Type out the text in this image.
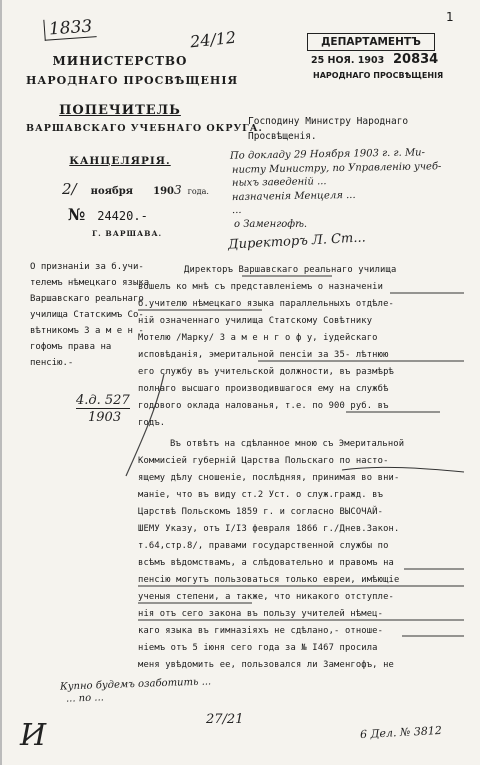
1833	24/12
МИНИСТЕРСТВО
НАРОДНАГО ПРОСВѢЩЕНІЯ
ПОПЕЧИТЕЛЬ
ВАРШАВСКАГО УЧЕБНАГО ОКРУГА.
КАНЦЕЛЯРІЯ.
2/ ноября 1903 года.
№ 24420.-
Г. ВАРШАВА.
ДЕПАРТАМЕНТЪ
25 НОЯ. 1903 20834
НАРОДНАГО ПРОСВѢЩЕНІЯ
1
Господину Министру Народнаго
Просвѣщенія.
По докладу 29 Ноября 1903 г. г. Ми-
нисту Министру, по Управленію учеб-
ныхъ заведеній ...
назначенія Менцеля ...
...
о Заменгофѣ.
Директоръ Л. Ст...
О признаніи за б.учи-
телемъ нѣмецкаго языка
Варшавскаго реальнаго
училища Статскимъ Со-
вѣтникомъ З а м е н -
гофомъ права на
пенсію.-
4.д. 527
1903
Директоръ Варшавскаго реальнаго училища
вошелъ ко мнѣ съ представленіемъ о назначеніи
б.учителю нѣмецкаго языка параллельныхъ отдѣле-
ній означеннаго училища Статскому Совѣтнику
Мотелю /Марку/ З а м е н г о ф у, іудейскаго
исповѣданія, эмеритальной пенсіи за 35- лѣтнюю
его службу въ учительской должности, въ размѣрѣ
полнаго высшаго производившагося ему на службѣ
годового оклада налованья, т.е. по 900 руб. въ
годъ.
Въ отвѣтъ на сдѣланное мною съ Эмеритальной
Коммисіей губерній Царства Польскаго по насто-
ящему дѣлу сношеніе, послѣдняя, принимая во вни-
маніе, что въ виду ст.2 Уст. о служ.гражд. въ
Царствѣ Польскомъ 1859 г. и согласно ВЫСОЧАЙ-
ШЕМУ Указу, отъ I/I3 февраля 1866 г./Днев.Закон.
т.64,стр.8/, правами государственной службы по
всѣмъ вѣдомствамъ, а слѣдовательно и правомъ на
пенсію могутъ пользоваться только евреи, имѣющіе
ученыя степени, а также, что никакого отступле-
нія отъ сего закона въ пользу учителей нѣмец-
каго языка въ гимназіяхъ не сдѣлано,- отноше-
ніемъ отъ 5 іюня сего года за № I467 просила
меня увѣдомить ее, пользовался ли Заменгофъ, не
Купно будемъ озаботить ...
... по ...
И	27/21
6 Дел. № 3812
